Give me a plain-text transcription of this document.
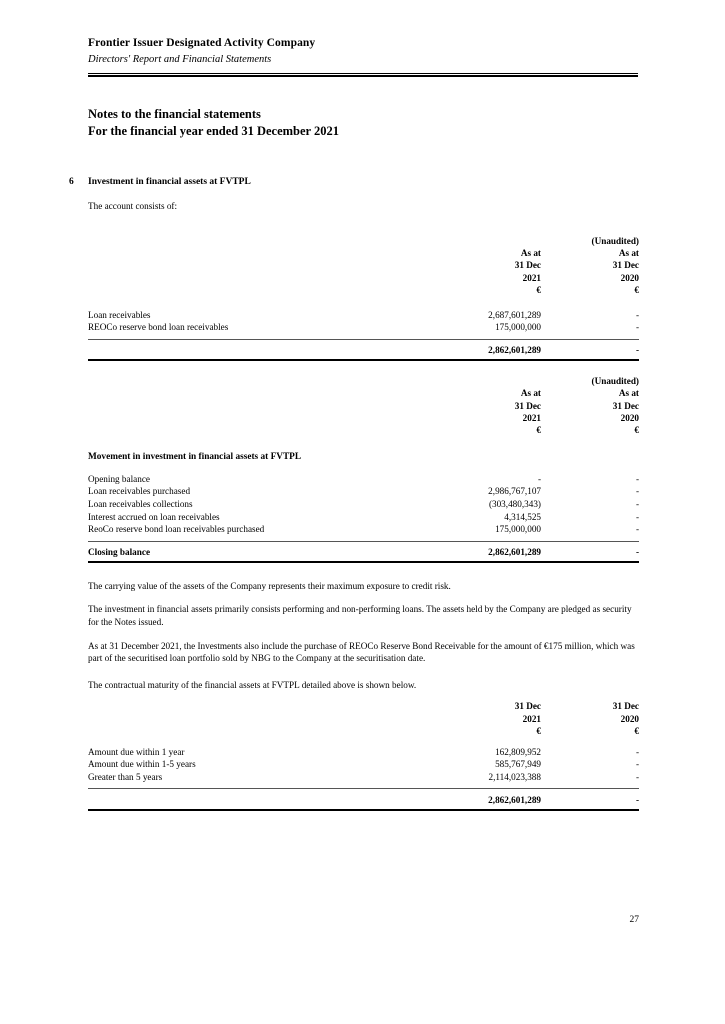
Frontier Issuer Designated Activity Company
Directors' Report and Financial Statements
Notes to the financial statements
For the financial year ended 31 December 2021
6 Investment in financial assets at FVTPL
The account consists of:
		(Unaudited)
	As at	As at
	31 Dec	31 Dec
	2021	2020
	€	€

Loan receivables	2,687,601,289	-
REOCo reserve bond loan receivables	175,000,000	-

	2,862,601,289	-

		(Unaudited)
	As at	As at
	31 Dec	31 Dec
	2021	2020
	€	€
Movement in investment in financial assets at FVTPL
Opening balance	-	-
Loan receivables purchased	2,986,767,107	-
Loan receivables collections	(303,480,343)	-
Interest accrued on loan receivables	4,314,525	-
ReoCo reserve bond loan receivables purchased	175,000,000	-

Closing balance	2,862,601,289	-

The carrying value of the assets of the Company represents their maximum exposure to credit risk.
The investment in financial assets primarily consists performing and non-performing loans. The assets held by the Company are pledged as security for the Notes issued.
As at 31 December 2021, the Investments also include the purchase of REOCo Reserve Bond Receivable for the amount of €175 million, which was part of the securitised loan portfolio sold by NBG to the Company at the securitisation date.
The contractual maturity of the financial assets at FVTPL detailed above is shown below.
	31 Dec	31 Dec
	2021	2020
	€	€

Amount due within 1 year	162,809,952	-
Amount due within 1-5 years	585,767,949	-
Greater than 5 years	2,114,023,388	-

	2,862,601,289	-

27
